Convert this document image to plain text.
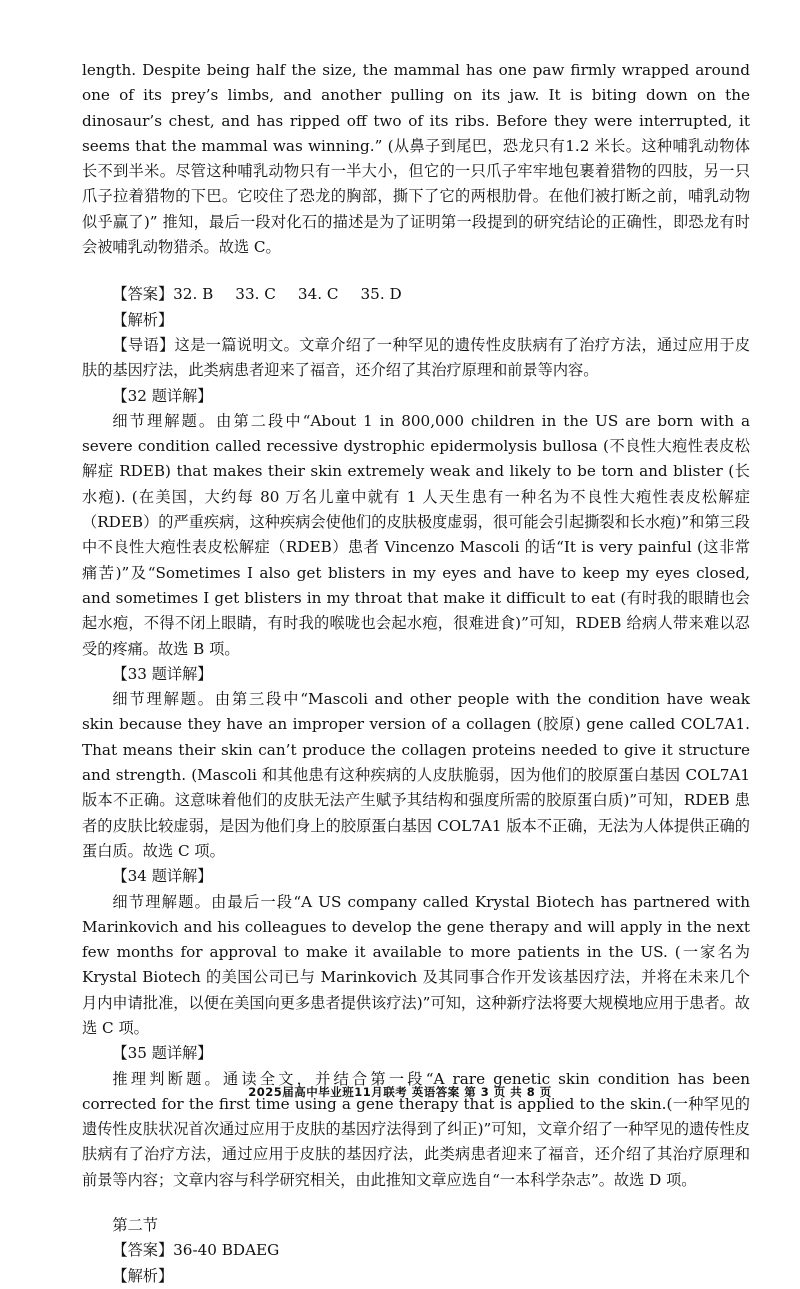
length. Despite being half the size, the mammal has one paw firmly wrapped around one of its prey’s limbs, and another pulling on its jaw. It is biting down on the dinosaur’s chest, and has ripped off two of its ribs. Before they were interrupted, it seems that the mammal was winning.” (从鼻子到尾巴，恐龙只有1.2 米长。这种哺乳动物体长不到半米。尽管这种哺乳动物只有一半大小，但它的一只爪子牢牢地包裹着猎物的四肢，另一只爪子拉着猎物的下巴。它咬住了恐龙的胸部，撕下了它的两根肋骨。在他们被打断之前，哺乳动物似乎赢了)” 推知，最后一段对化石的描述是为了证明第一段提到的研究结论的正确性，即恐龙有时会被哺乳动物猎杀。故选 C。

【答案】32. B 33. C 34. C 35. D

【解析】

【导语】这是一篇说明文。文章介绍了一种罕见的遗传性皮肤病有了治疗方法，通过应用于皮肤的基因疗法，此类病患者迎来了福音，还介绍了其治疗原理和前景等内容。

【32 题详解】

细节理解题。由第二段中“About 1 in 800,000 children in the US are born with a severe condition called recessive dystrophic epidermolysis bullosa (不良性大疱性表皮松解症 RDEB) that makes their skin extremely weak and likely to be torn and blister (长水疱). (在美国，大约每 80 万名儿童中就有 1 人天生患有一种名为不良性大疱性表皮松解症（RDEB）的严重疾病，这种疾病会使他们的皮肤极度虚弱，很可能会引起撕裂和长水疱)”和第三段中不良性大疱性表皮松解症（RDEB）患者 Vincenzo Mascoli 的话“It is very painful (这非常痛苦)”及“Sometimes I also get blisters in my eyes and have to keep my eyes closed, and sometimes I get blisters in my throat that make it difficult to eat (有时我的眼睛也会起水疱，不得不闭上眼睛，有时我的喉咙也会起水疱，很难进食)”可知，RDEB 给病人带来难以忍受的疼痛。故选 B 项。

【33 题详解】

细节理解题。由第三段中“Mascoli and other people with the condition have weak skin because they have an improper version of a collagen (胶原) gene called COL7A1. That means their skin can’t produce the collagen proteins needed to give it structure and strength. (Mascoli 和其他患有这种疾病的人皮肤脆弱，因为他们的胶原蛋白基因 COL7A1 版本不正确。这意味着他们的皮肤无法产生赋予其结构和强度所需的胶原蛋白质)”可知，RDEB 患者的皮肤比较虚弱，是因为他们身上的胶原蛋白基因 COL7A1 版本不正确，无法为人体提供正确的蛋白质。故选 C 项。

【34 题详解】

细节理解题。由最后一段“A US company called Krystal Biotech has partnered with Marinkovich and his colleagues to develop the gene therapy and will apply in the next few months for approval to make it available to more patients in the US. (一家名为 Krystal Biotech 的美国公司已与 Marinkovich 及其同事合作开发该基因疗法，并将在未来几个月内申请批准，以便在美国向更多患者提供该疗法)”可知，这种新疗法将要大规模地应用于患者。故选 C 项。

【35 题详解】

推理判断题。通读全文，并结合第一段“A rare genetic skin condition has been corrected for the first time using a gene therapy that is applied to the skin.(一种罕见的遗传性皮肤状况首次通过应用于皮肤的基因疗法得到了纠正)”可知，文章介绍了一种罕见的遗传性皮肤病有了治疗方法，通过应用于皮肤的基因疗法，此类病患者迎来了福音，还介绍了其治疗原理和前景等内容；文章内容与科学研究相关，由此推知文章应选自“一本科学杂志”。故选 D 项。

第二节

【答案】36-40 BDAEG

【解析】

2025届高中毕业班11月联考 英语答案 第 3 页 共 8 页
